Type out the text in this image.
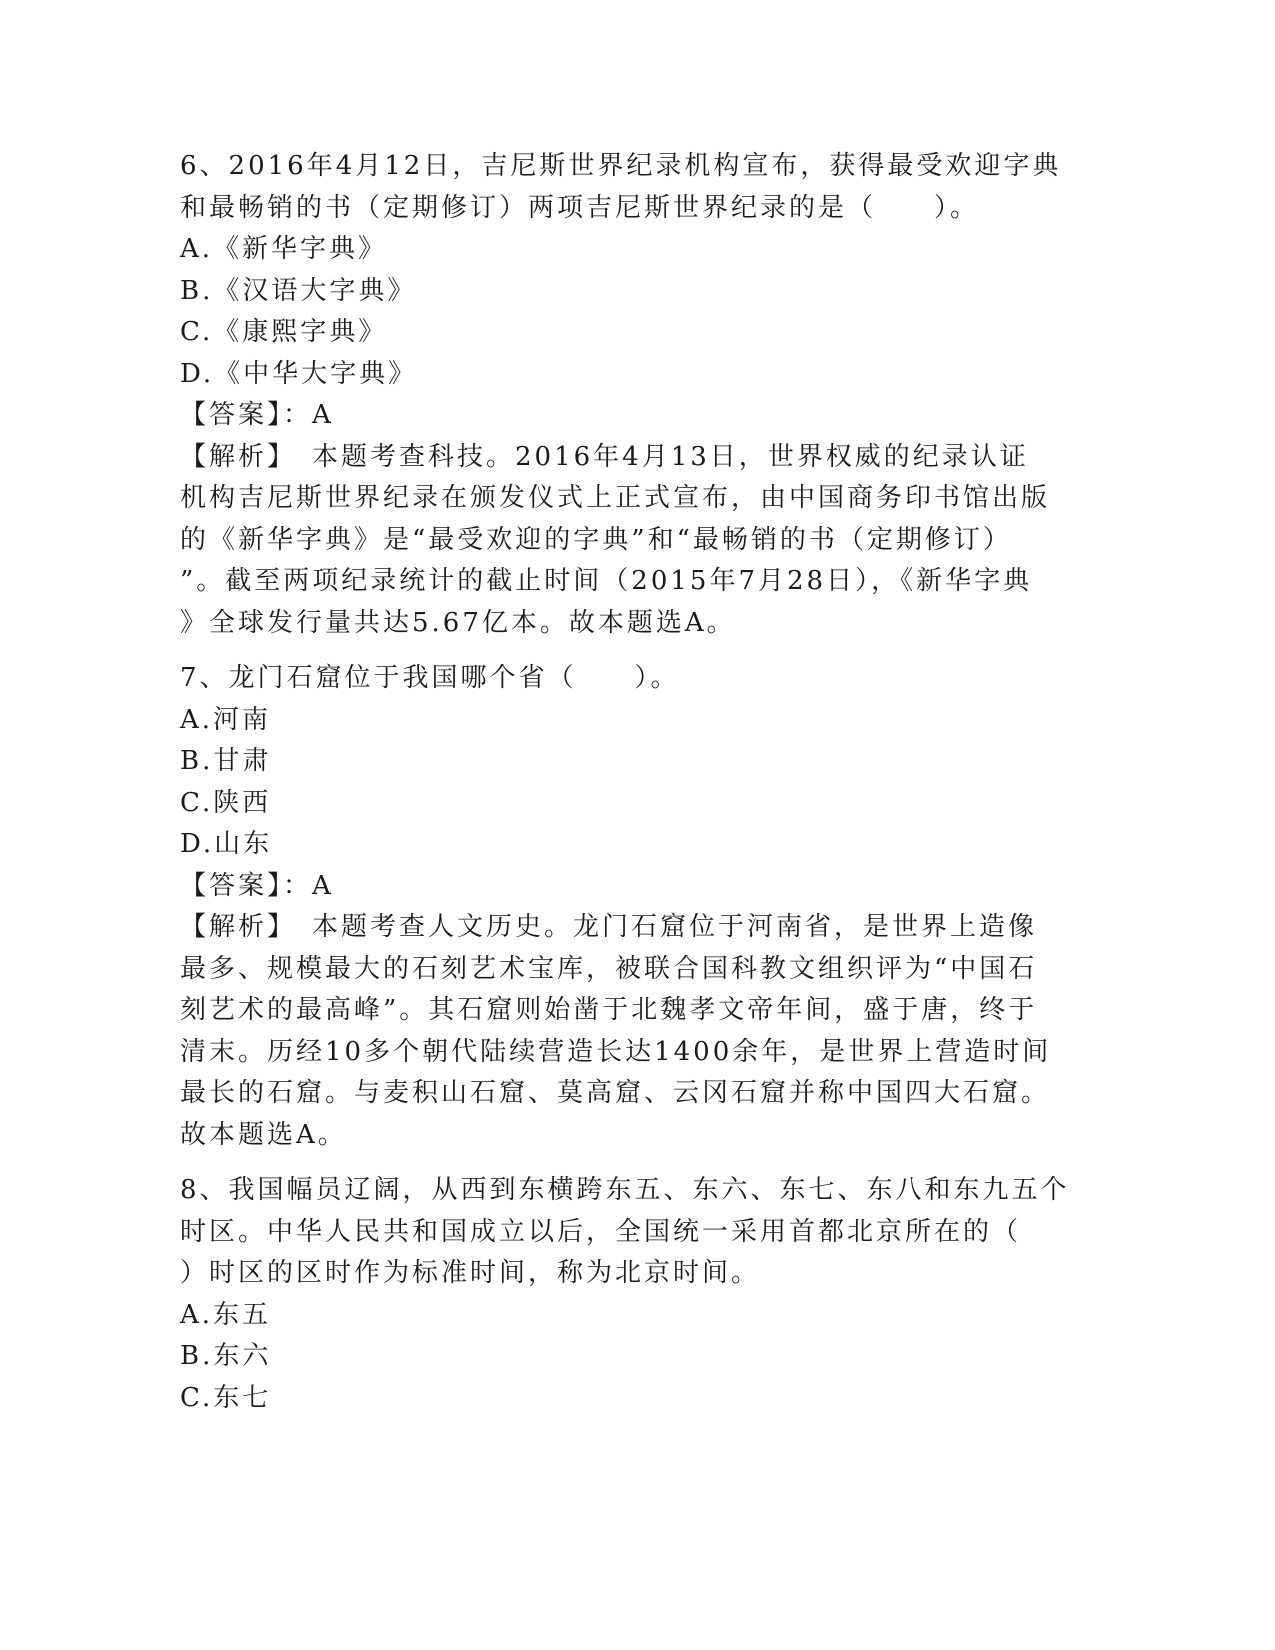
6、2016年4月12日，吉尼斯世界纪录机构宣布，获得最受欢迎字典
和最畅销的书（定期修订）两项吉尼斯世界纪录的是（　　）。
A.《新华字典》
B.《汉语大字典》
C.《康熙字典》
D.《中华大字典》
【答案】：A
【解析】　本题考查科技。2016年4月13日，世界权威的纪录认证
机构吉尼斯世界纪录在颁发仪式上正式宣布，由中国商务印书馆出版
的《新华字典》是“最受欢迎的字典”和“最畅销的书（定期修订）
”。截至两项纪录统计的截止时间（2015年7月28日），《新华字典
》全球发行量共达5.67亿本。故本题选A。
7、龙门石窟位于我国哪个省（　　）。
A.河南
B.甘肃
C.陕西
D.山东
【答案】：A
【解析】　本题考查人文历史。龙门石窟位于河南省，是世界上造像
最多、规模最大的石刻艺术宝库，被联合国科教文组织评为“中国石
刻艺术的最高峰”。其石窟则始凿于北魏孝文帝年间，盛于唐，终于
清末。历经10多个朝代陆续营造长达1400余年，是世界上营造时间
最长的石窟。与麦积山石窟、莫高窟、云冈石窟并称中国四大石窟。
故本题选A。
8、我国幅员辽阔，从西到东横跨东五、东六、东七、东八和东九五个
时区。中华人民共和国成立以后，全国统一采用首都北京所在的（
）时区的区时作为标准时间，称为北京时间。
A.东五
B.东六
C.东七
